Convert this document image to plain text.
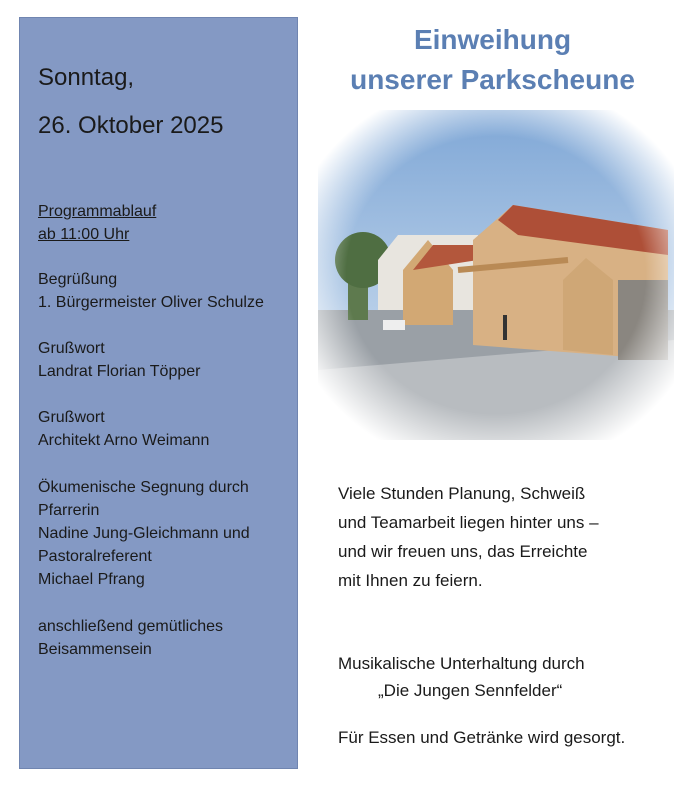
Sonntag,
26. Oktober 2025
Programmablauf
ab 11:00 Uhr
Begrüßung
1. Bürgermeister Oliver Schulze
Grußwort
Landrat Florian Töpper
Grußwort
Architekt Arno Weimann
Ökumenische Segnung durch
Pfarrerin
Nadine Jung-Gleichmann und
Pastoralreferent
Michael Pfrang
anschließend gemütliches
Beisammensein
Einweihung
unserer Parkscheune
Viele Stunden Planung, Schweiß
und Teamarbeit liegen hinter uns –
und wir freuen uns, das Erreichte
mit Ihnen zu feiern.
Musikalische Unterhaltung durch
„Die Jungen Sennfelder“
Für Essen und Getränke wird gesorgt.
